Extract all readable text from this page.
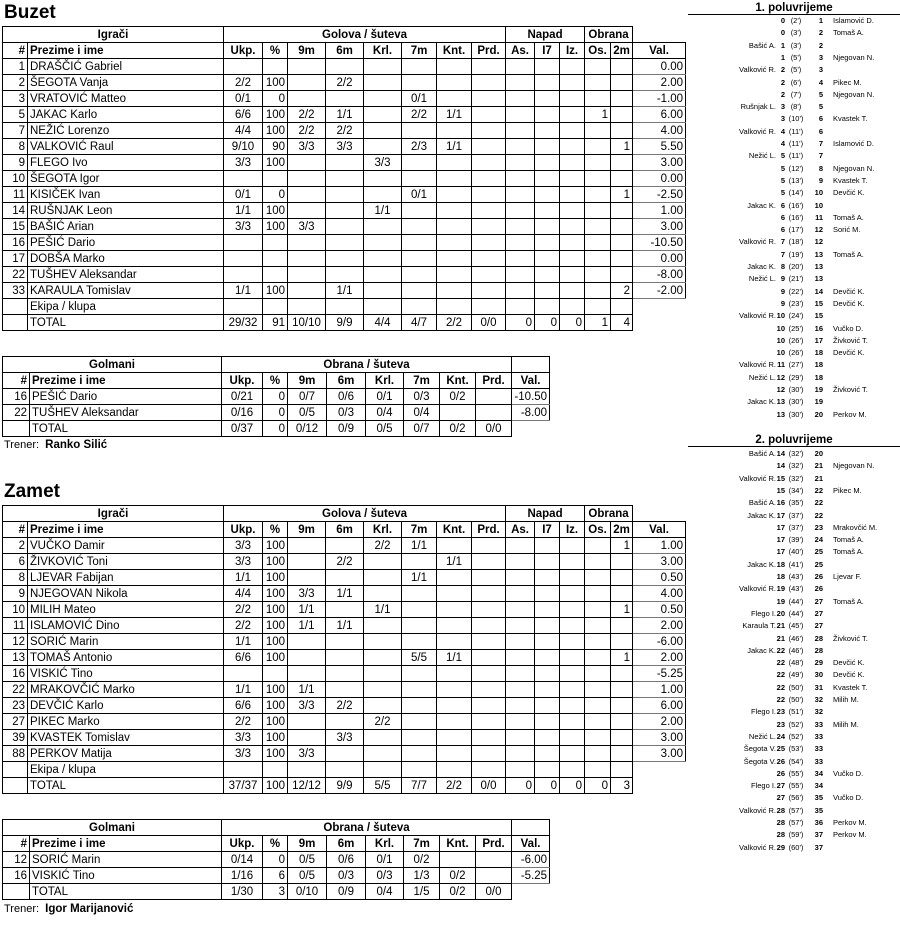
Buzet
Igrači		Golova / šuteva								Napad			Obrana		
#	Prezime i ime	Ukp.	%	9m	6m	Krl.	7m	Knt.	Prd.	As.	I7	Iz.	Os.	2m	Val.
1	DRAŠČIĆ Gabriel														0.00
2	ŠEGOTA Vanja	2/2	100		2/2										2.00
3	VRATOVIĆ Matteo	0/1	0				0/1								-1.00
5	JAKAC Karlo	6/6	100	2/2	1/1		2/2	1/1					1		6.00
7	NEŽIĆ Lorenzo	4/4	100	2/2	2/2										4.00
8	VALKOVIĆ Raul	9/10	90	3/3	3/3		2/3	1/1						1	5.50
9	FLEGO Ivo	3/3	100			3/3									3.00
10	ŠEGOTA Igor														0.00
11	KISIČEK Ivan	0/1	0				0/1							1	-2.50
14	RUŠNJAK Leon	1/1	100			1/1									1.00
15	BAŠIĆ Arian	3/3	100	3/3											3.00
16	PEŠIĆ Dario														-10.50
17	DOBŠA Marko														0.00
22	TUŠHEV Aleksandar														-8.00
33	KARAULA Tomislav	1/1	100		1/1									2	-2.00
	Ekipa / klupa														
	TOTAL	29/32	91	10/10	9/9	4/4	4/7	2/2	0/0	0	0	0	1	4	
Golmani		Obrana / šuteva								
#	Prezime i ime	Ukp.	%	9m	6m	Krl.	7m	Knt.	Prd.	Val.
16	PEŠIĆ Dario	0/21	0	0/7	0/6	0/1	0/3	0/2		-10.50
22	TUŠHEV Aleksandar	0/16	0	0/5	0/3	0/4	0/4			-8.00
	TOTAL	0/37	0	0/12	0/9	0/5	0/7	0/2	0/0	
Trener: Ranko Silić
Zamet
Igrači		Golova / šuteva								Napad			Obrana		
#	Prezime i ime	Ukp.	%	9m	6m	Krl.	7m	Knt.	Prd.	As.	I7	Iz.	Os.	2m	Val.
2	VUČKO Damir	3/3	100			2/2	1/1							1	1.00
6	ŽIVKOVIĆ Toni	3/3	100		2/2			1/1							3.00
8	LJEVAR Fabijan	1/1	100				1/1								0.50
9	NJEGOVAN Nikola	4/4	100	3/3	1/1										4.00
10	MILIH Mateo	2/2	100	1/1		1/1								1	0.50
11	ISLAMOVIĆ Dino	2/2	100	1/1	1/1										2.00
12	SORIĆ Marin	1/1	100												-6.00
13	TOMAŠ Antonio	6/6	100				5/5	1/1						1	2.00
16	VISKIĆ Tino														-5.25
22	MRAKOVČIĆ Marko	1/1	100	1/1											1.00
23	DEVČIĆ Karlo	6/6	100	3/3	2/2										6.00
27	PIKEC Marko	2/2	100			2/2									2.00
39	KVASTEK Tomislav	3/3	100		3/3										3.00
88	PERKOV Matija	3/3	100	3/3											3.00
	Ekipa / klupa														
	TOTAL	37/37	100	12/12	9/9	5/5	7/7	2/2	0/0	0	0	0	0	3	
Golmani		Obrana / šuteva								
#	Prezime i ime	Ukp.	%	9m	6m	Krl.	7m	Knt.	Prd.	Val.
12	SORIĆ Marin	0/14	0	0/5	0/6	0/1	0/2			-6.00
16	VISKIĆ Tino	1/16	6	0/5	0/3	0/3	1/3	0/2		-5.25
	TOTAL	1/30	3	0/10	0/9	0/4	1/5	0/2	0/0	
Trener: Igor Marijanović
1. poluvrijeme
0 (2')	1 Islamović D.
0 (3')	2 Tomaš A.
Bašić A. 1 (3')	2
1 (5')	3 Njegovan N.
Valković R. 2 (5')	3
2 (6')	4 Pikec M.
2 (7')	5 Njegovan N.
Rušnjak L. 3 (8')	5
3 (10')	6 Kvastek T.
Valković R. 4 (11')	6
4 (11')	7 Islamović D.
Nežić L. 5 (11')	7
5 (12')	8 Njegovan N.
5 (13')	9 Kvastek T.
5 (14')	10 Devčić K.
Jakac K. 6 (16')	10
6 (16')	11 Tomaš A.
6 (17')	12 Sorić M.
Valković R. 7 (18')	12
7 (19')	13 Tomaš A.
Jakac K. 8 (20')	13
Nežić L. 9 (21')	13
9 (22')	14 Devčić K.
9 (23')	15 Devčić K.
Valković R. 10 (24')	15
10 (25')	16 Vučko D.
10 (26')	17 Živković T.
10 (26')	18 Devčić K.
Valković R. 11 (27')	18
Nežić L. 12 (29')	18
12 (30')	19 Živković T.
Jakac K. 13 (30')	19
13 (30')	20 Perkov M.
2. poluvrijeme
Bašić A. 14 (32')	20
14 (32')	21 Njegovan N.
Valković R. 15 (32')	21
15 (34')	22 Pikec M.
Bašić A. 16 (35')	22
Jakac K. 17 (37')	22
17 (37')	23 Mrakovčić M.
17 (39')	24 Tomaš A.
17 (40')	25 Tomaš A.
Jakac K. 18 (41')	25
18 (43')	26 Ljevar F.
Valković R. 19 (43')	26
19 (44')	27 Tomaš A.
Flego I. 20 (44')	27
Karaula T. 21 (45')	27
21 (46')	28 Živković T.
Jakac K. 22 (46')	28
22 (48')	29 Devčić K.
22 (49')	30 Devčić K.
22 (50')	31 Kvastek T.
22 (50')	32 Milih M.
Flego I. 23 (51')	32
23 (52')	33 Milih M.
Nežić L. 24 (52')	33
Šegota V. 25 (53')	33
Šegota V. 26 (54')	33
26 (55')	34 Vučko D.
Flego I. 27 (55')	34
27 (56')	35 Vučko D.
Valković R. 28 (57')	35
28 (57')	36 Perkov M.
28 (59')	37 Perkov M.
Valković R. 29 (60')	37
